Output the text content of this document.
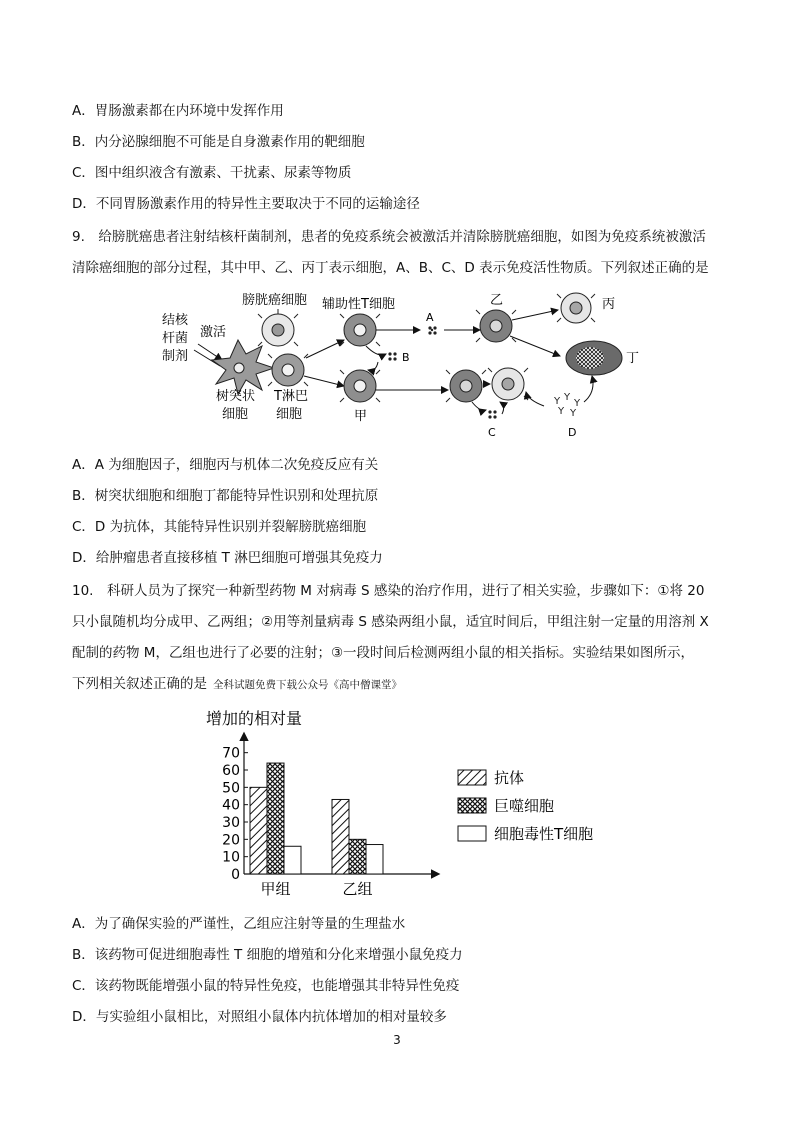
A．胃肠激素都在内环境中发挥作用
B．内分泌腺细胞不可能是自身激素作用的靶细胞
C．图中组织液含有激素、干扰素、尿素等物质
D．不同胃肠激素作用的特异性主要取决于不同的运输途径
9.　给膀胱癌患者注射结核杆菌制剂，患者的免疫系统会被激活并清除膀胱癌细胞，如图为免疫系统被激活
清除癌细胞的部分过程，其中甲、乙、丙丁表示细胞，A、B、C、D 表示免疫活性物质。下列叙述正确的是
结核
杆菌
制剂
激活
树突状
细胞
膀胱癌细胞
T淋巴
细胞
辅助性T细胞
A
B
甲
乙	丙
丁
C
Y Y
Y
Y Y
D
A．A 为细胞因子，细胞丙与机体二次免疫反应有关
B．树突状细胞和细胞丁都能特异性识别和处理抗原
C．D 为抗体，其能特异性识别并裂解膀胱癌细胞
D．给肿瘤患者直接移植 T 淋巴细胞可增强其免疫力
10.　科研人员为了探究一种新型药物 M 对病毒 S 感染的治疗作用，进行了相关实验，步骤如下：①将 20
只小鼠随机均分成甲、乙两组；②用等剂量病毒 S 感染两组小鼠，适宜时间后，甲组注射一定量的用溶剂 X
配制的药物 M，乙组也进行了必要的注射；③一段时间后检测两组小鼠的相关指标。实验结果如图所示，
下列相关叙述正确的是 全科试题免费下载公众号《高中僧课堂》
增加的相对量
0
10
20
30
40
50
60
70
甲组	乙组
抗体
巨噬细胞
细胞毒性T细胞
A．为了确保实验的严谨性，乙组应注射等量的生理盐水
B．该药物可促进细胞毒性 T 细胞的增殖和分化来增强小鼠免疫力
C．该药物既能增强小鼠的特异性免疫，也能增强其非特异性免疫
D．与实验组小鼠相比，对照组小鼠体内抗体增加的相对量较多
3
